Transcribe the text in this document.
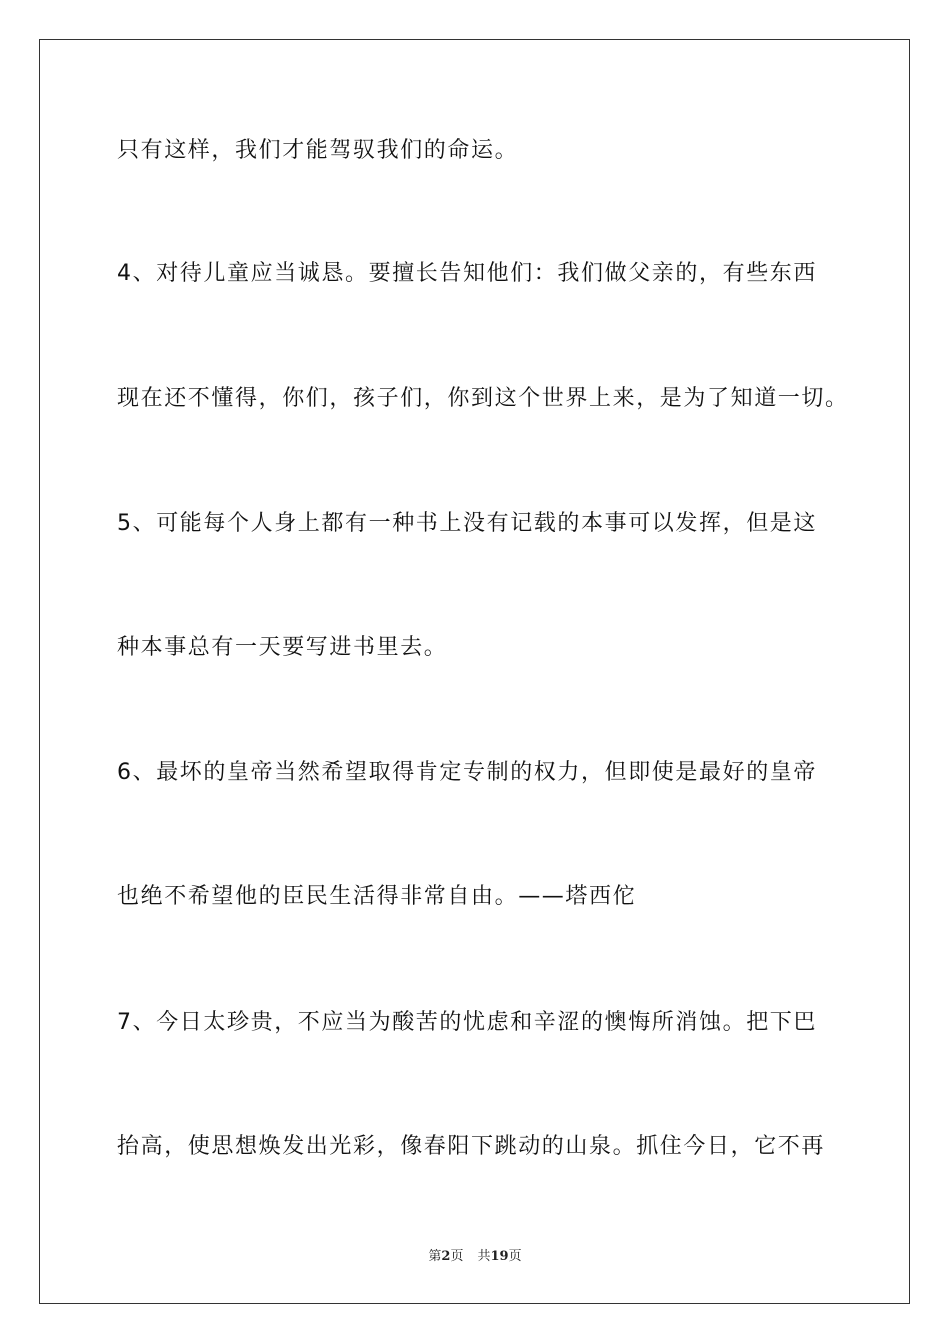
只有这样，我们才能驾驭我们的命运。
4、对待儿童应当诚恳。要擅长告知他们：我们做父亲的，有些东西
现在还不懂得，你们，孩子们，你到这个世界上来，是为了知道一切。
5、可能每个人身上都有一种书上没有记载的本事可以发挥，但是这
种本事总有一天要写进书里去。
6、最坏的皇帝当然希望取得肯定专制的权力，但即使是最好的皇帝
也绝不希望他的臣民生活得非常自由。——塔西佗
7、今日太珍贵，不应当为酸苦的忧虑和辛涩的懊悔所消蚀。把下巴
抬高，使思想焕发出光彩，像春阳下跳动的山泉。抓住今日，它不再
第2页 共19页
